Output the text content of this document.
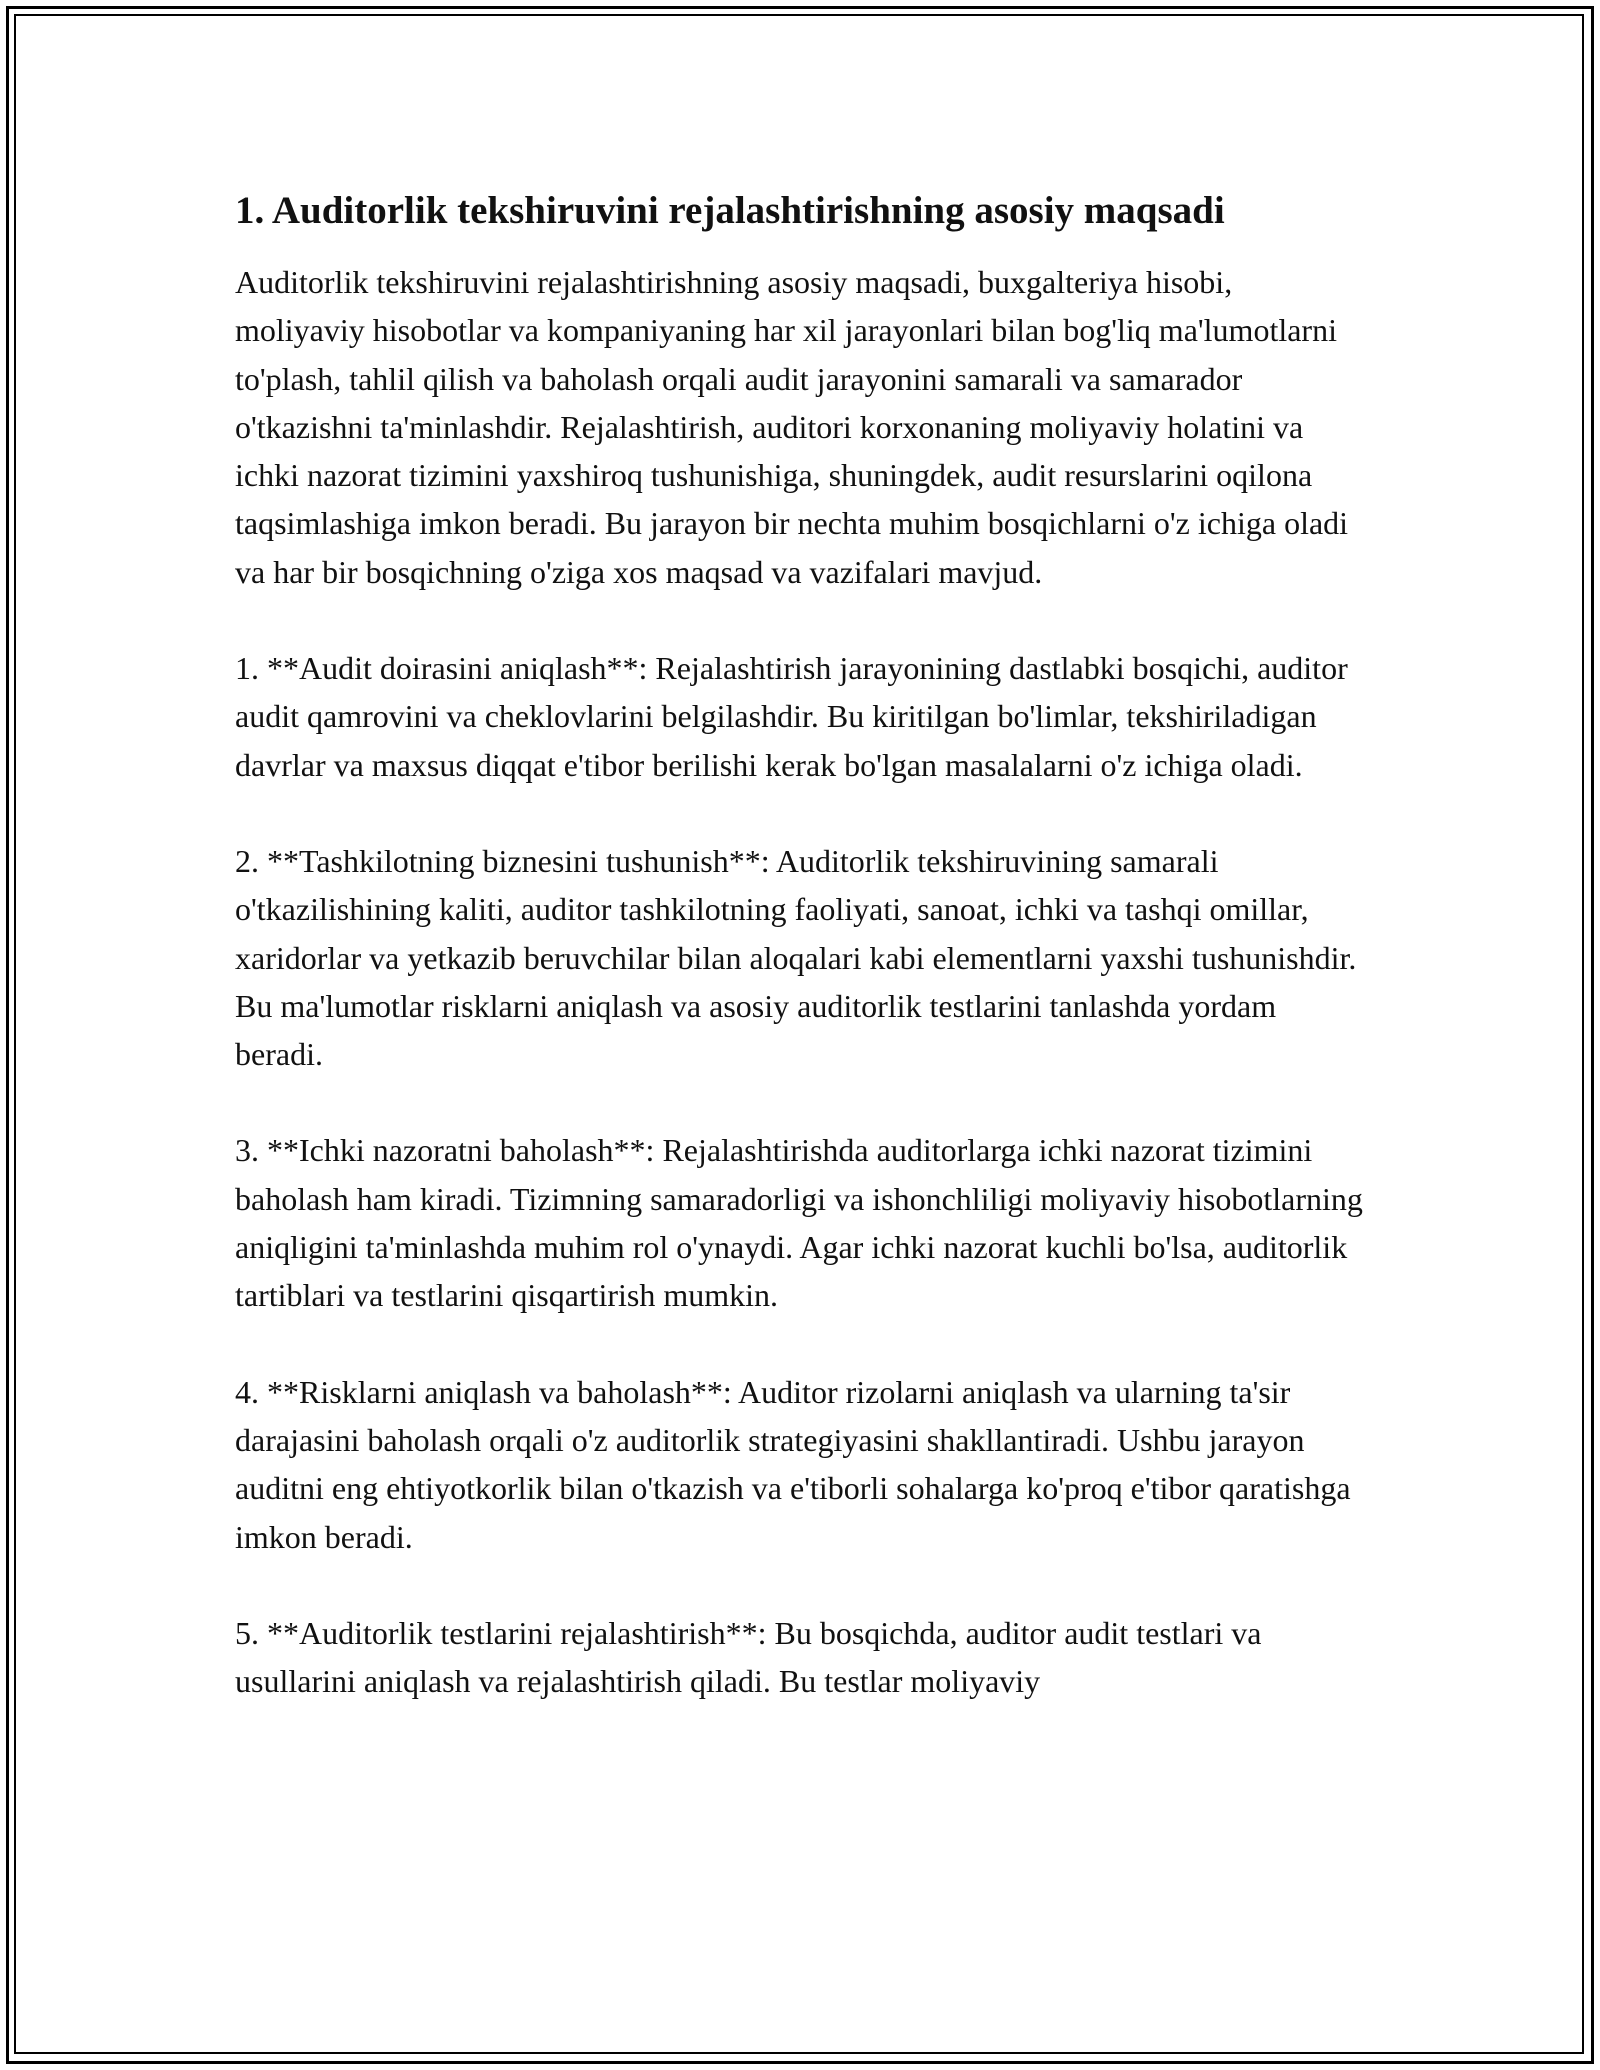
1. Auditorlik tekshiruvini rejalashtirishning asosiy maqsadi

Auditorlik tekshiruvini rejalashtirishning asosiy maqsadi, buxgalteriya hisobi, moliyaviy hisobotlar va kompaniyaning har xil jarayonlari bilan bog'liq ma'lumotlarni to'plash, tahlil qilish va baholash orqali audit jarayonini samarali va samarador o'tkazishni ta'minlashdir. Rejalashtirish, auditori korxonaning moliyaviy holatini va ichki nazorat tizimini yaxshiroq tushunishiga, shuningdek, audit resurslarini oqilona taqsimlashiga imkon beradi. Bu jarayon bir nechta muhim bosqichlarni o'z ichiga oladi va har bir bosqichning o'ziga xos maqsad va vazifalari mavjud.

1. **Audit doirasini aniqlash**: Rejalashtirish jarayonining dastlabki bosqichi, auditor audit qamrovini va cheklovlarini belgilashdir. Bu kiritilgan bo'limlar, tekshiriladigan davrlar va maxsus diqqat e'tibor berilishi kerak bo'lgan masalalarni o'z ichiga oladi.

2. **Tashkilotning biznesini tushunish**: Auditorlik tekshiruvining samarali o'tkazilishining kaliti, auditor tashkilotning faoliyati, sanoat, ichki va tashqi omillar, xaridorlar va yetkazib beruvchilar bilan aloqalari kabi elementlarni yaxshi tushunishdir. Bu ma'lumotlar risklarni aniqlash va asosiy auditorlik testlarini tanlashda yordam beradi.

3. **Ichki nazoratni baholash**: Rejalashtirishda auditorlarga ichki nazorat tizimini baholash ham kiradi. Tizimning samaradorligi va ishonchliligi moliyaviy hisobotlarning aniqligini ta'minlashda muhim rol o'ynaydi. Agar ichki nazorat kuchli bo'lsa, auditorlik tartiblari va testlarini qisqartirish mumkin.

4. **Risklarni aniqlash va baholash**: Auditor rizolarni aniqlash va ularning ta'sir darajasini baholash orqali o'z auditorlik strategiyasini shakllantiradi. Ushbu jarayon auditni eng ehtiyotkorlik bilan o'tkazish va e'tiborli sohalarga ko'proq e'tibor qaratishga imkon beradi.

5. **Auditorlik testlarini rejalashtirish**: Bu bosqichda, auditor audit testlari va usullarini aniqlash va rejalashtirish qiladi. Bu testlar moliyaviy
